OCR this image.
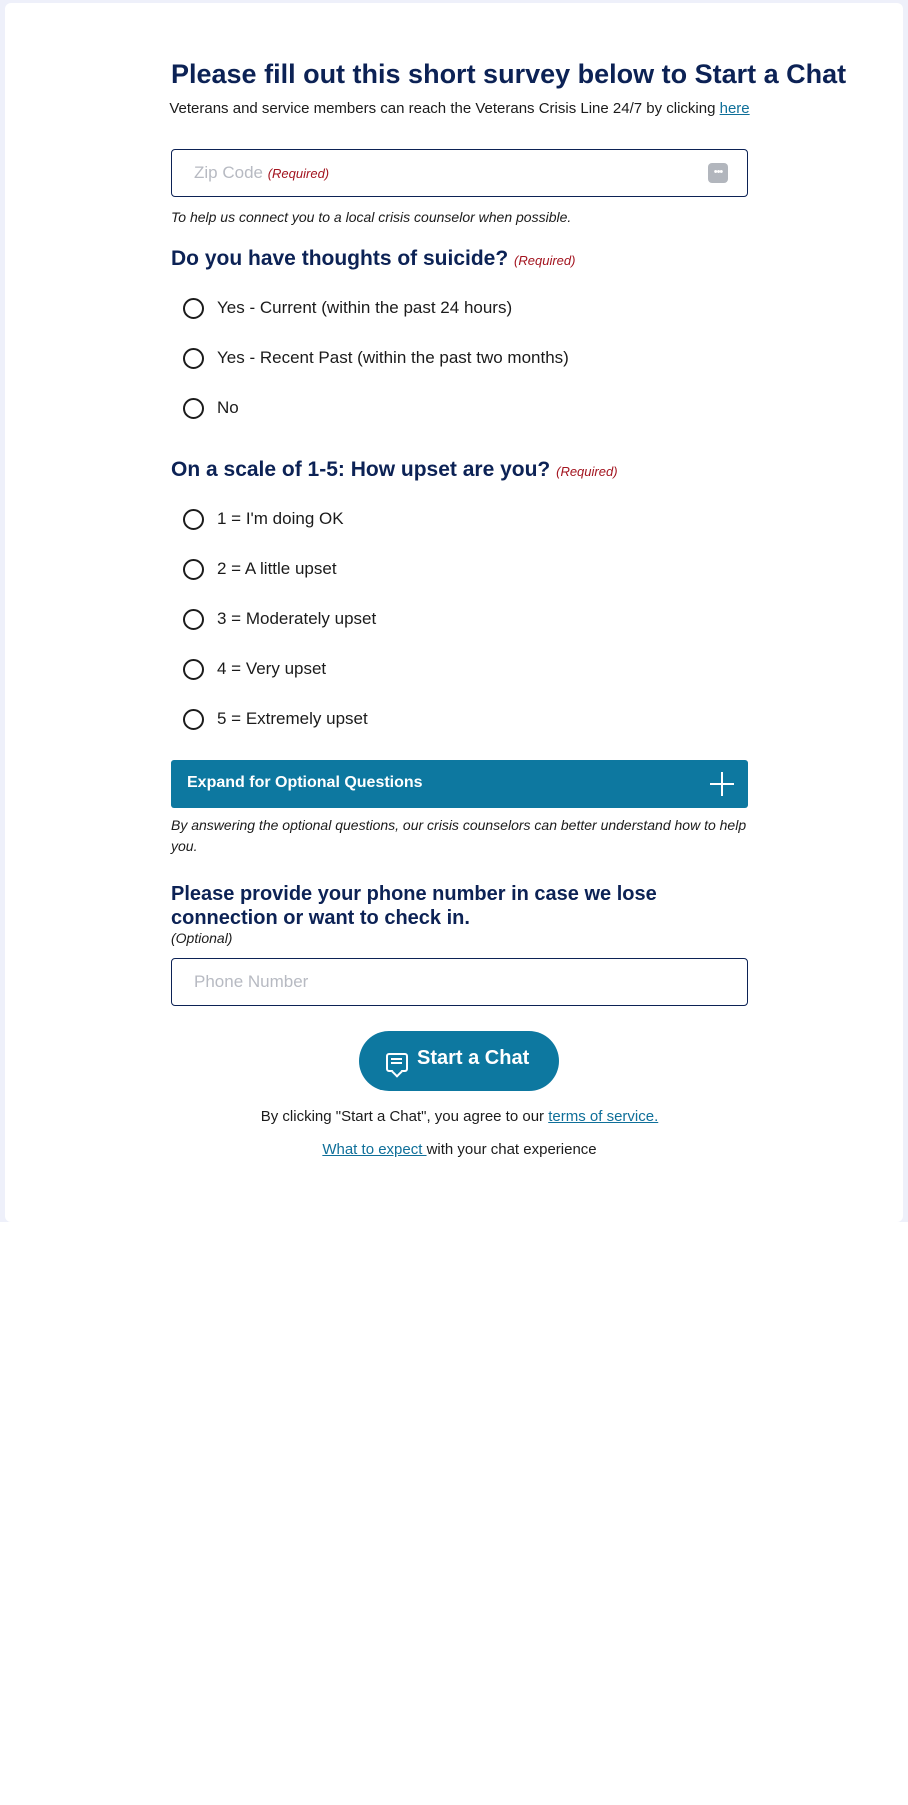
Please fill out this short survey below to Start a Chat
Veterans and service members can reach the Veterans Crisis Line 24/7 by clicking here
Zip Code (Required)	•••
To help us connect you to a local crisis counselor when possible.
Do you have thoughts of suicide? (Required)
Yes - Current (within the past 24 hours)
Yes - Recent Past (within the past two months)
No
On a scale of 1-5: How upset are you? (Required)
1 = I'm doing OK
2 = A little upset
3 = Moderately upset
4 = Very upset
5 = Extremely upset
Expand for Optional Questions
By answering the optional questions, our crisis counselors can better understand how to help you.
Please provide your phone number in case we lose connection or want to check in.
(Optional)
Phone Number
Start a Chat
By clicking "Start a Chat", you agree to our terms of service.
What to expect with your chat experience
